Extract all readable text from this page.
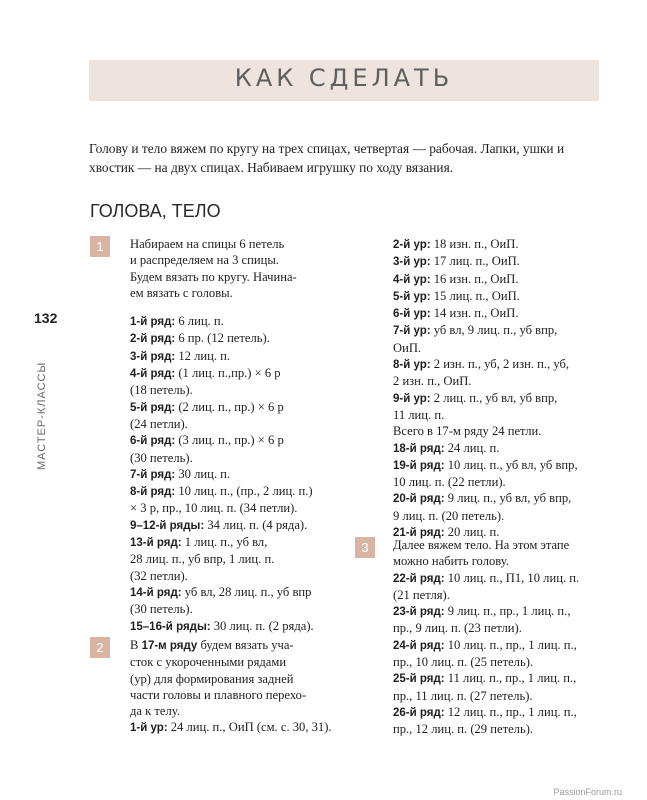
КАК СДЕЛАТЬ

Голову и тело вяжем по кругу на трех спицах, четвертая — рабочая. Лапки, ушки и хвостик — на двух спицах. Набиваем игрушку по ходу вязания.

ГОЛОВА, ТЕЛО
132
МАСТЕР-КЛАССЫ
1	Набираем на спицы 6 петель
и распределяем на 3 спицы.
Будем вязать по кругу. Начина-
ем вязать с головы.

1-й ряд: 6 лиц. п.

2-й ряд: 6 пр. (12 петель).

3-й ряд: 12 лиц. п.

4-й ряд: (1 лиц. п.,пр.) × 6 р
(18 петель).

5-й ряд: (2 лиц. п., пр.) × 6 р
(24 петли).

6-й ряд: (3 лиц. п., пр.) × 6 р
(30 петель).

7-й ряд: 30 лиц. п.

8-й ряд: 10 лиц. п., (пр., 2 лиц. п.)
× 3 р, пр., 10 лиц. п. (34 петли).

9–12-й ряды: 34 лиц. п. (4 ряда).

13-й ряд: 1 лиц. п., уб вл,
28 лиц. п., уб впр, 1 лиц. п.
(32 петли).

14-й ряд: уб вл, 28 лиц. п., уб впр
(30 петель).

15–16-й ряды: 30 лиц. п. (2 ряда).

2	В 17-м ряду будем вязать уча-
сток с укороченными рядами
(ур) для формирования задней
части головы и плавного перехо-
да к телу.

1-й ур: 24 лиц. п., ОиП (см. с. 30, 31).

2-й ур: 18 изн. п., ОиП.

3-й ур: 17 лиц. п., ОиП.

4-й ур: 16 изн. п., ОиП.

5-й ур: 15 лиц. п., ОиП.

6-й ур: 14 изн. п., ОиП.

7-й ур: уб вл, 9 лиц. п., уб впр,
ОиП.

8-й ур: 2 изн. п., уб, 2 изн. п., уб,
2 изн. п., ОиП.

9-й ур: 2 лиц. п., уб вл, уб впр,
11 лиц. п.

Всего в 17-м ряду 24 петли.

18-й ряд: 24 лиц. п.

19-й ряд: 10 лиц. п., уб вл, уб впр,
10 лиц. п. (22 петли).

20-й ряд: 9 лиц. п., уб вл, уб впр,
9 лиц. п. (20 петель).

21-й ряд: 20 лиц. п.

3	Далее вяжем тело. На этом этапе
можно набить голову.

22-й ряд: 10 лиц. п., П1, 10 лиц. п.
(21 петля).

23-й ряд: 9 лиц. п., пр., 1 лиц. п.,
пр., 9 лиц. п. (23 петли).

24-й ряд: 10 лиц. п., пр., 1 лиц. п.,
пр., 10 лиц. п. (25 петель).

25-й ряд: 11 лиц. п., пр., 1 лиц. п.,
пр., 11 лиц. п. (27 петель).

26-й ряд: 12 лиц. п., пр., 1 лиц. п.,
пр., 12 лиц. п. (29 петель).

PassionForum.ru
